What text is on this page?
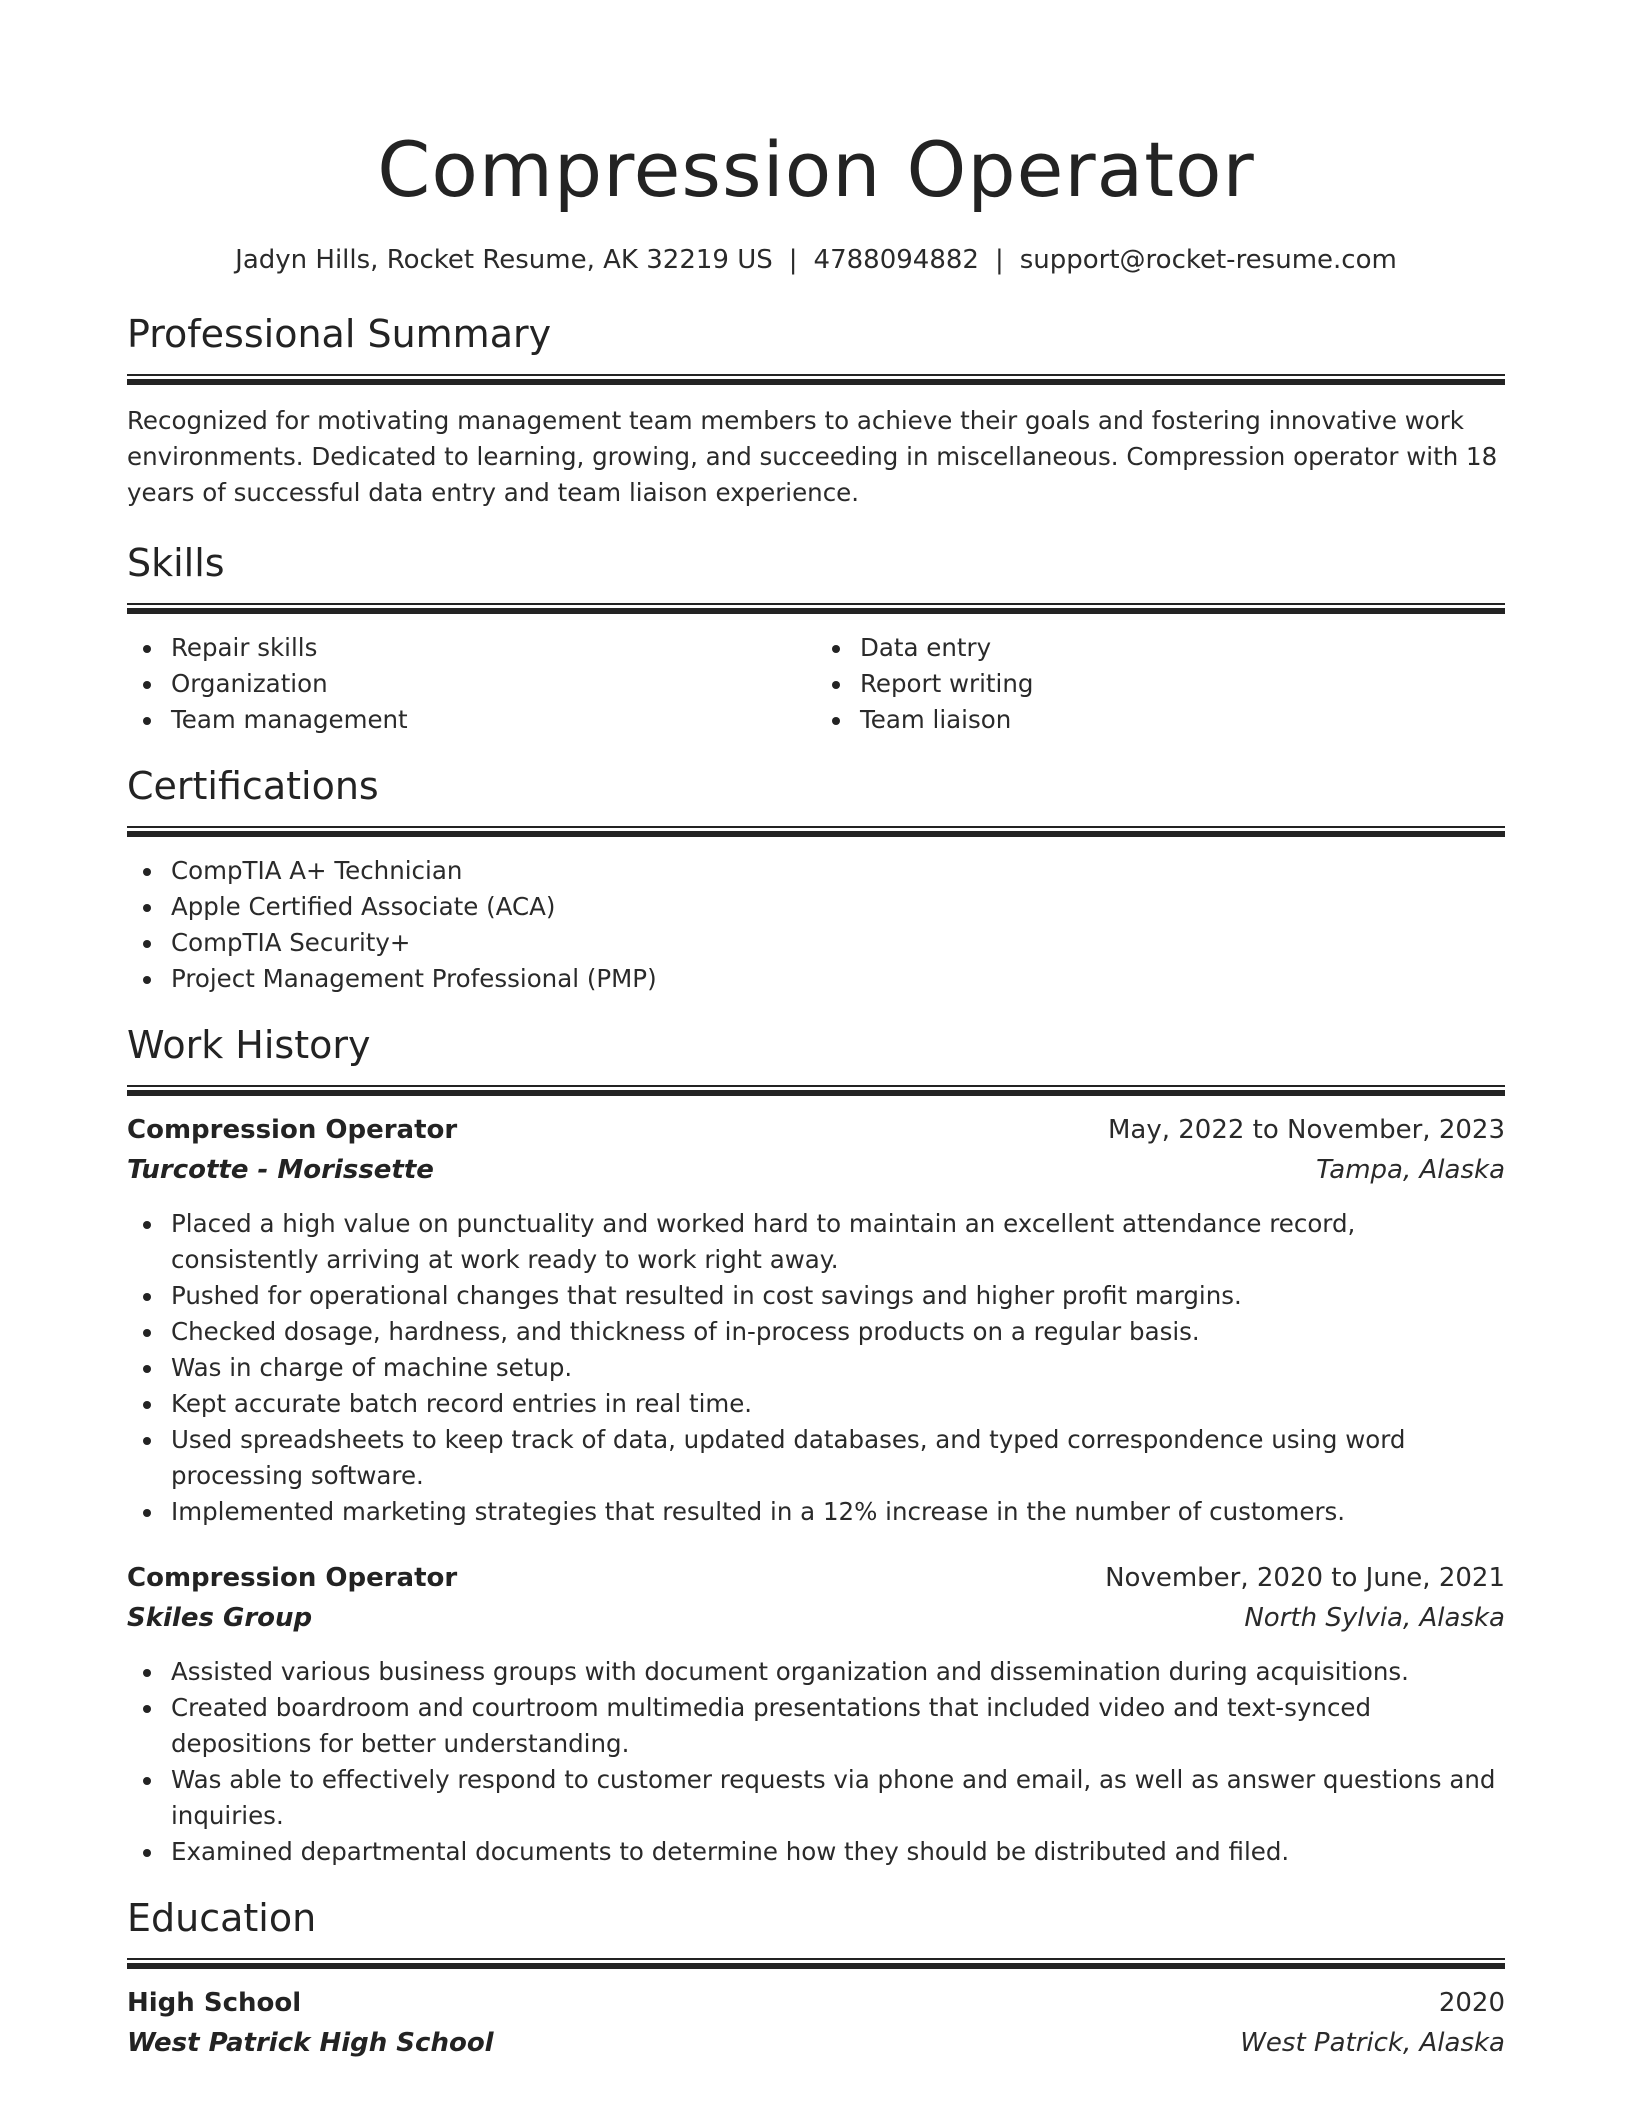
Compression Operator
Jadyn Hills, Rocket Resume, AK 32219 US | 4788094882 | support@rocket-resume.com
Professional Summary

Recognized for motivating management team members to achieve their goals and fostering innovative work environments. Dedicated to learning, growing, and succeeding in miscellaneous. Compression operator with 18 years of successful data entry and team liaison experience.

Skills
Repair skills
Organization
Team management
Data entry
Report writing
Team liaison
Certifications
CompTIA A+ Technician
Apple Certified Associate (ACA)
CompTIA Security+
Project Management Professional (PMP)
Work History
Compression Operator	May, 2022 to November, 2023
Turcotte - Morissette	Tampa, Alaska
Placed a high value on punctuality and worked hard to maintain an excellent attendance record, consistently arriving at work ready to work right away.
Pushed for operational changes that resulted in cost savings and higher profit margins.
Checked dosage, hardness, and thickness of in-process products on a regular basis.
Was in charge of machine setup.
Kept accurate batch record entries in real time.
Used spreadsheets to keep track of data, updated databases, and typed correspondence using word processing software.
Implemented marketing strategies that resulted in a 12% increase in the number of customers.
Compression Operator	November, 2020 to June, 2021
Skiles Group	North Sylvia, Alaska
Assisted various business groups with document organization and dissemination during acquisitions.
Created boardroom and courtroom multimedia presentations that included video and text-synced depositions for better understanding.
Was able to effectively respond to customer requests via phone and email, as well as answer questions and inquiries.
Examined departmental documents to determine how they should be distributed and filed.
Education
High School	2020
West Patrick High School	West Patrick, Alaska
